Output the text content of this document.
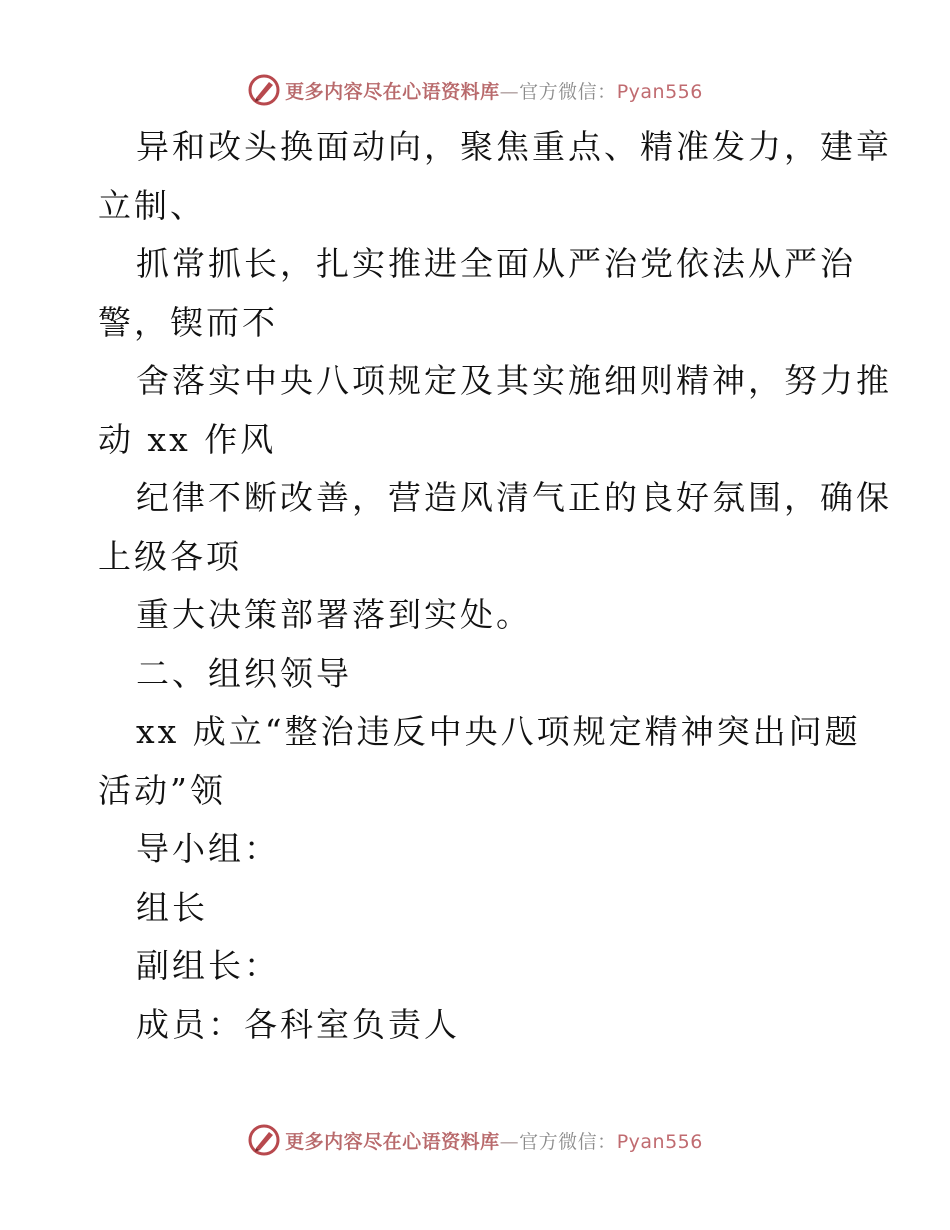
更多内容尽在心语资料库—官方微信：Pyan556
异和改头换面动向，聚焦重点、精准发力，建章
立制、
抓常抓长，扎实推进全面从严治党依法从严治
警，锲而不
舍落实中央八项规定及其实施细则精神，努力推
动 xx 作风
纪律不断改善，营造风清气正的良好氛围，确保
上级各项
重大决策部署落到实处。
二、组织领导
xx 成立“整治违反中央八项规定精神突出问题
活动”领
导小组：
组长
副组长：
成员：各科室负责人
更多内容尽在心语资料库—官方微信：Pyan556
